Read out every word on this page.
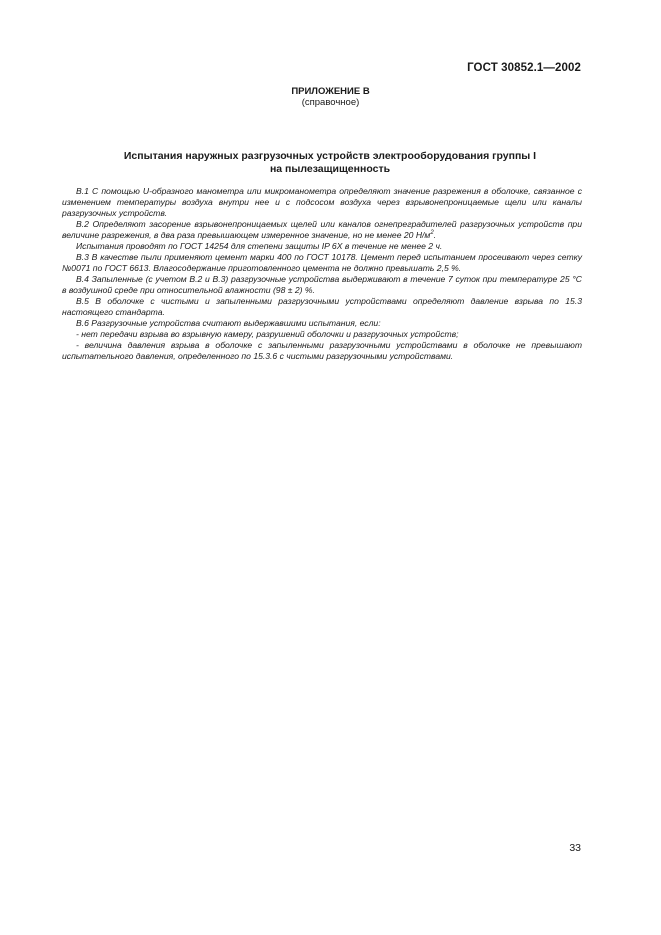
ГОСТ 30852.1—2002
ПРИЛОЖЕНИЕ В
(справочное)
Испытания наружных разгрузочных устройств электрооборудования группы I
на пылезащищенность

В.1 С помощью U-образного манометра или микроманометра определяют значение разрежения в оболочке, связанное с изменением температуры воздуха внутри нее и с подсосом воздуха через взрывонепроницаемые щели или каналы разгрузочных устройств.

В.2 Определяют засорение взрывонепроницаемых щелей или каналов огнепреградителей разгрузочных устройств при величине разрежения, в два раза превышающем измеренное значение, но не менее 20 $Н/м^2$.

Испытания проводят по ГОСТ 14254 для степени защиты IP 6Х в течение не менее 2 ч.

В.3 В качестве пыли применяют цемент марки 400 по ГОСТ 10178. Цемент перед испытанием просеивают через сетку №0071 по ГОСТ 6613. Влагосодержание приготовленного цемента не должно превышать 2,5 %.

В.4 Запыленные (с учетом В.2 и В.3) разгрузочные устройства выдерживают в течение 7 суток при температуре 25 °С в воздушной среде при относительной влажности (98 ± 2) %.

В.5 В оболочке с чистыми и запыленными разгрузочными устройствами определяют давление взрыва по 15.3 настоящего стандарта.

В.6 Разгрузочные устройства считают выдержавшими испытания, если:

- нет передачи взрыва во взрывную камеру, разрушений оболочки и разгрузочных устройств;

- величина давления взрыва в оболочке с запыленными разгрузочными устройствами в оболочке не превышают испытательного давления, определенного по 15.3.6 с чистыми разгрузочными устройствами.

33
